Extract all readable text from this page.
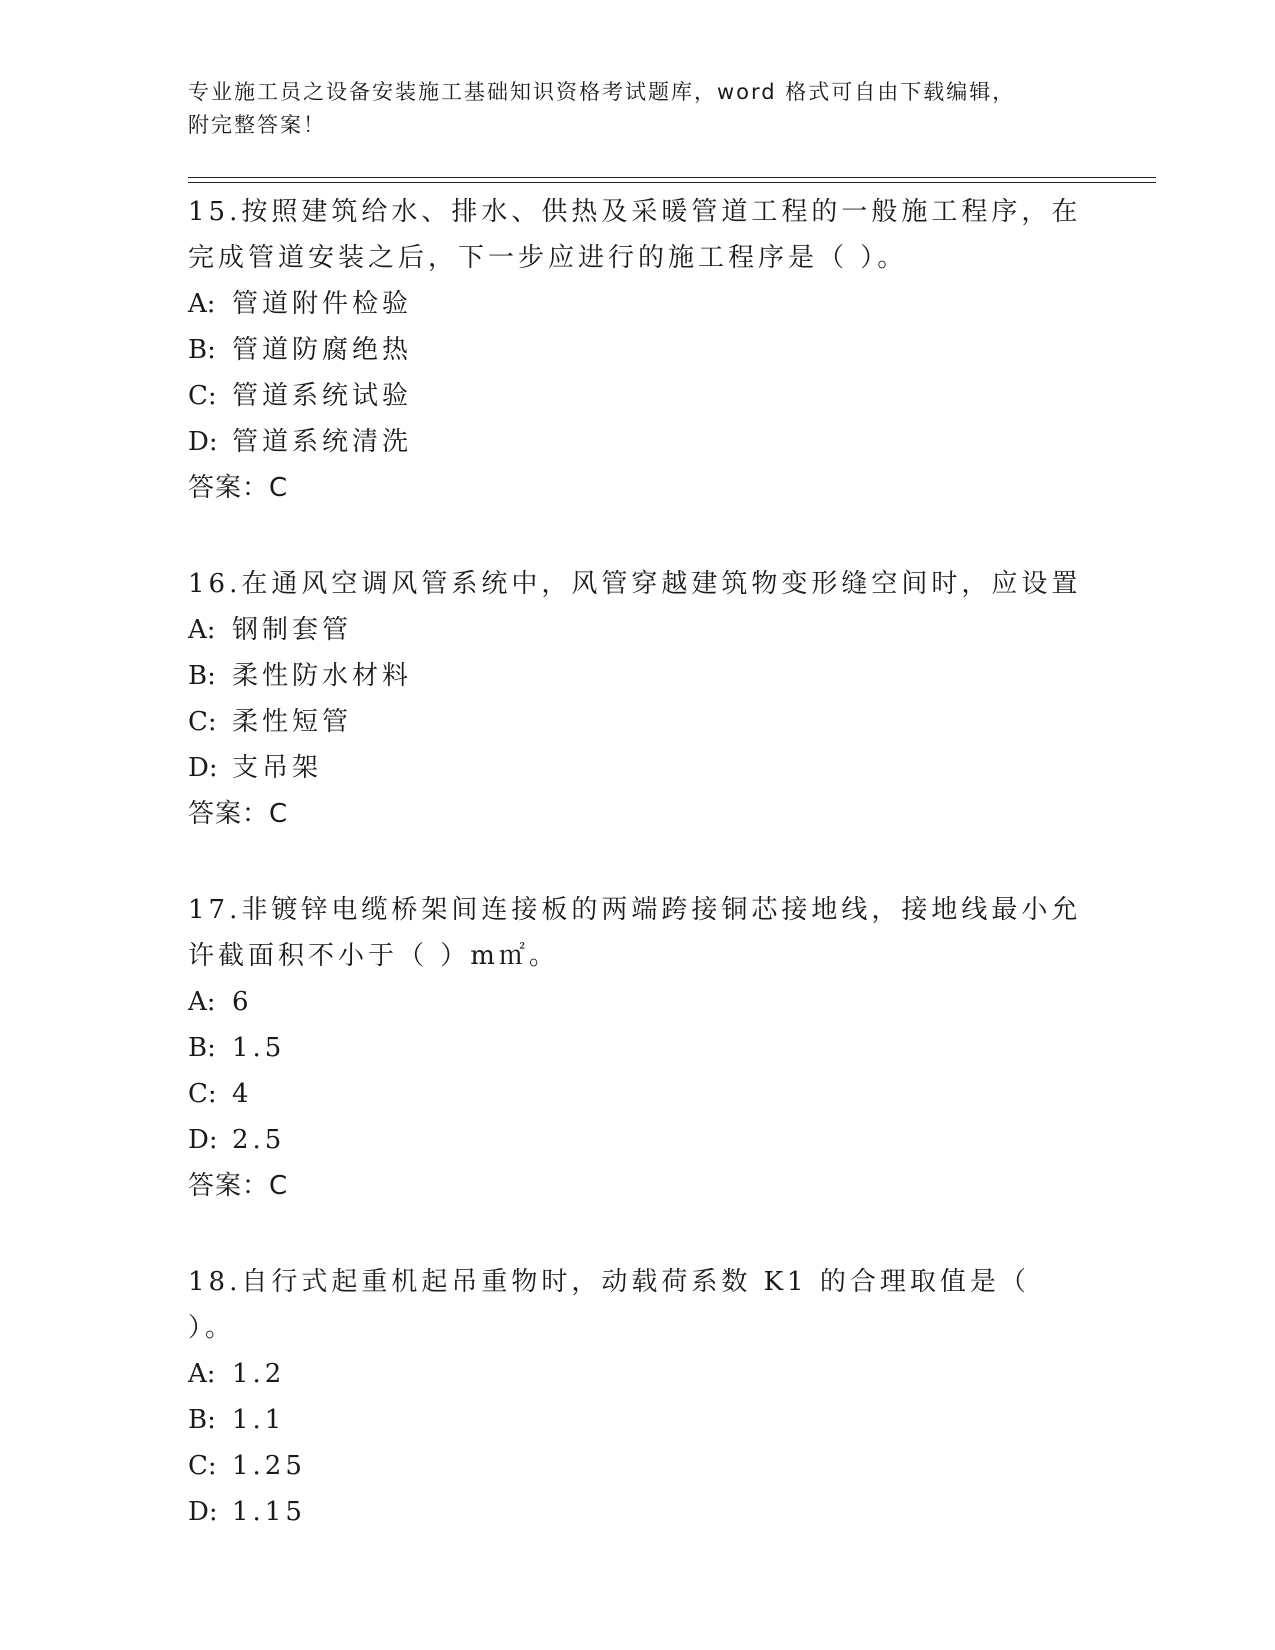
专业施工员之设备安装施工基础知识资格考试题库，word 格式可自由下载编辑，
附完整答案！
15.按照建筑给水、排水、供热及采暖管道工程的一般施工程序，在完成管道安装之后，下一步应进行的施工程序是（ ）。
A: 管道附件检验
B: 管道防腐绝热
C: 管道系统试验
D: 管道系统清洗
答案：C
16.在通风空调风管系统中，风管穿越建筑物变形缝空间时，应设置
A: 钢制套管
B: 柔性防水材料
C: 柔性短管
D: 支吊架
答案：C
17.非镀锌电缆桥架间连接板的两端跨接铜芯接地线，接地线最小允许截面积不小于（ ）m㎡。
A: 6
B: 1.5
C: 4
D: 2.5
答案：C
18.自行式起重机起吊重物时，动载荷系数 K1 的合理取值是（ ）。
A: 1.2
B: 1.1
C: 1.25
D: 1.15
